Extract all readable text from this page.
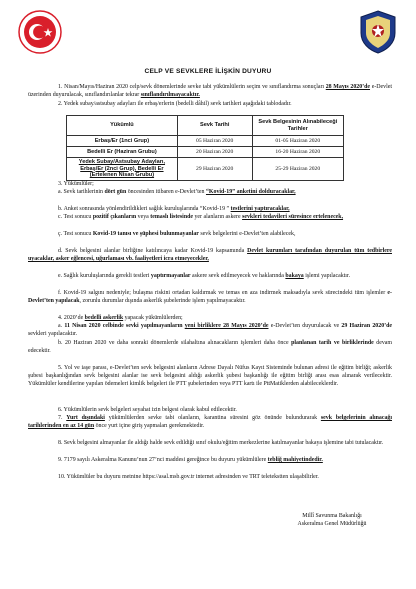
CELP VE SEVKLERE İLİŞKİN DUYURU
1. Nisan/Mayıs/Haziran 2020 celp/sevk dönemlerinde sevke tabi yükümlülerin seçim ve sınıflandırma sonuçları 28 Mayıs 2020’de e-Devlet üzerinden duyurulacak, sınıflandırılanlar tekrar sınıflandırılmayacaktır.
2. Yedek subay/astsubay adayları ile erbaş/erlerin (bedelli dâhil) sevk tarihleri aşağıdaki tablodadır.
Yükümlü	Sevk Tarihi	Sevk Belgesinin Alınabileceği Tarihler
Erbaş/Er (1nci Grup)	05 Haziran 2020	01-05 Haziran 2020
Bedelli Er (Haziran Grubu)	20 Haziran 2020	16-20 Haziran 2020
Yedek Subay/Astsubay Adayları, Erbaş/Er (2nci Grup), Bedelli Er (Ertelenen Nisan Grubu)	29 Haziran 2020	25-29 Haziran 2020
3. Yükümlüler;
a. Sevk tarihlerinin dört gün öncesinden itibaren e-Devlet’ten “Kovid-19” anketini dolduracaklar,
b. Anket sonrasında yönlendirildikleri sağlık kuruluşlarında “Kovid-19 ” testlerini yaptıracaklar,
c. Test sonucu pozitif çıkanların veya temaslı listesinde yer alanların askere sevkleri tedavileri süresince ertelenecek,
ç. Test sonucu Kovid-19 tanısı ve şüphesi bulunmayanlar sevk belgelerini e-Devlet’ten alabilecek,
d. Sevk belgesini alanlar birliğine katılıncaya kadar Kovid-19 kapsamında Devlet kurumları tarafından duyurulan tüm tedbirlere uyacaklar, asker eğlencesi, uğurlaması vb. faaliyetleri icra etmeyecekler,
e. Sağlık kuruluşlarında gerekli testleri yaptırmayanlar askere sevk edilmeyecek ve haklarında bakaya işlemi yapılacaktır.
f. Kovid-19 salgını nedeniyle; bulaşma riskini ortadan kaldırmak ve temas en aza indirmek maksadıyla sevk sürecindeki tüm işlemler e-Devlet’ten yapılacak, zorunlu durumlar dışında askerlik şubelerinde işlem yapılmayacaktır.
4. 2020’de bedelli askerlik yapacak yükümlülerden;
a. 11 Nisan 2020 celbinde sevki yapılmayanların yeni birliklere 28 Mayıs 2020’de e-Devlet’ten duyurulacak ve 29 Haziran 2020’de sevkleri yapılacaktır.
b. 20 Haziran 2020 ve daha sonraki dönemlerde silahaltına alınacakların işlemleri daha önce planlanan tarih ve birliklerinde devam edecektir.
5. Yol ve iaşe parası, e-Devlet’ten sevk belgesini alanların Adrese Dayalı Nüfus Kayıt Sisteminde bulunan adresi ile eğitim birliği; askerlik şubesi başkanlığından sevk belgesini alanlar ise sevk belgesini aldığı askerlik şubesi başkanlığı ile eğitim birliği arası esas alınarak verilecektir. Yükümlüler kendilerine yapılan ödemeleri kimlik belgeleri ile PTT şubelerinden veya PTT kartı ile PttMatiklerden alabileceklerdir.
6. Yükümlülerin sevk belgeleri seyahat izin belgesi olarak kabul edilecektir.
7. Yurt dışındaki yükümlülerden sevke tabi olanların, karantina süresini göz önünde bulundurarak sevk belgelerinin alınacağı tarihlerinden en az 14 gün önce yurt içine giriş yapmaları gerekmektedir.
8. Sevk belgesini almayanlar ile aldığı halde sevk edildiği sınıf okulu/eğitim merkezlerine katılmayanlar bakaya işlemine tabi tutulacaktır.
9. 7179 sayılı Askeralma Kanunu’nun 27’nci maddesi gereğince bu duyuru yükümlülere tebliğ mahiyetindedir.
10. Yükümlüler bu duyuru metnine https://asal.msb.gov.tr internet adresinden ve TRT teletekstten ulaşabilirler.
Millî Savunma Bakanlığı
Askeralma Genel Müdürlüğü
